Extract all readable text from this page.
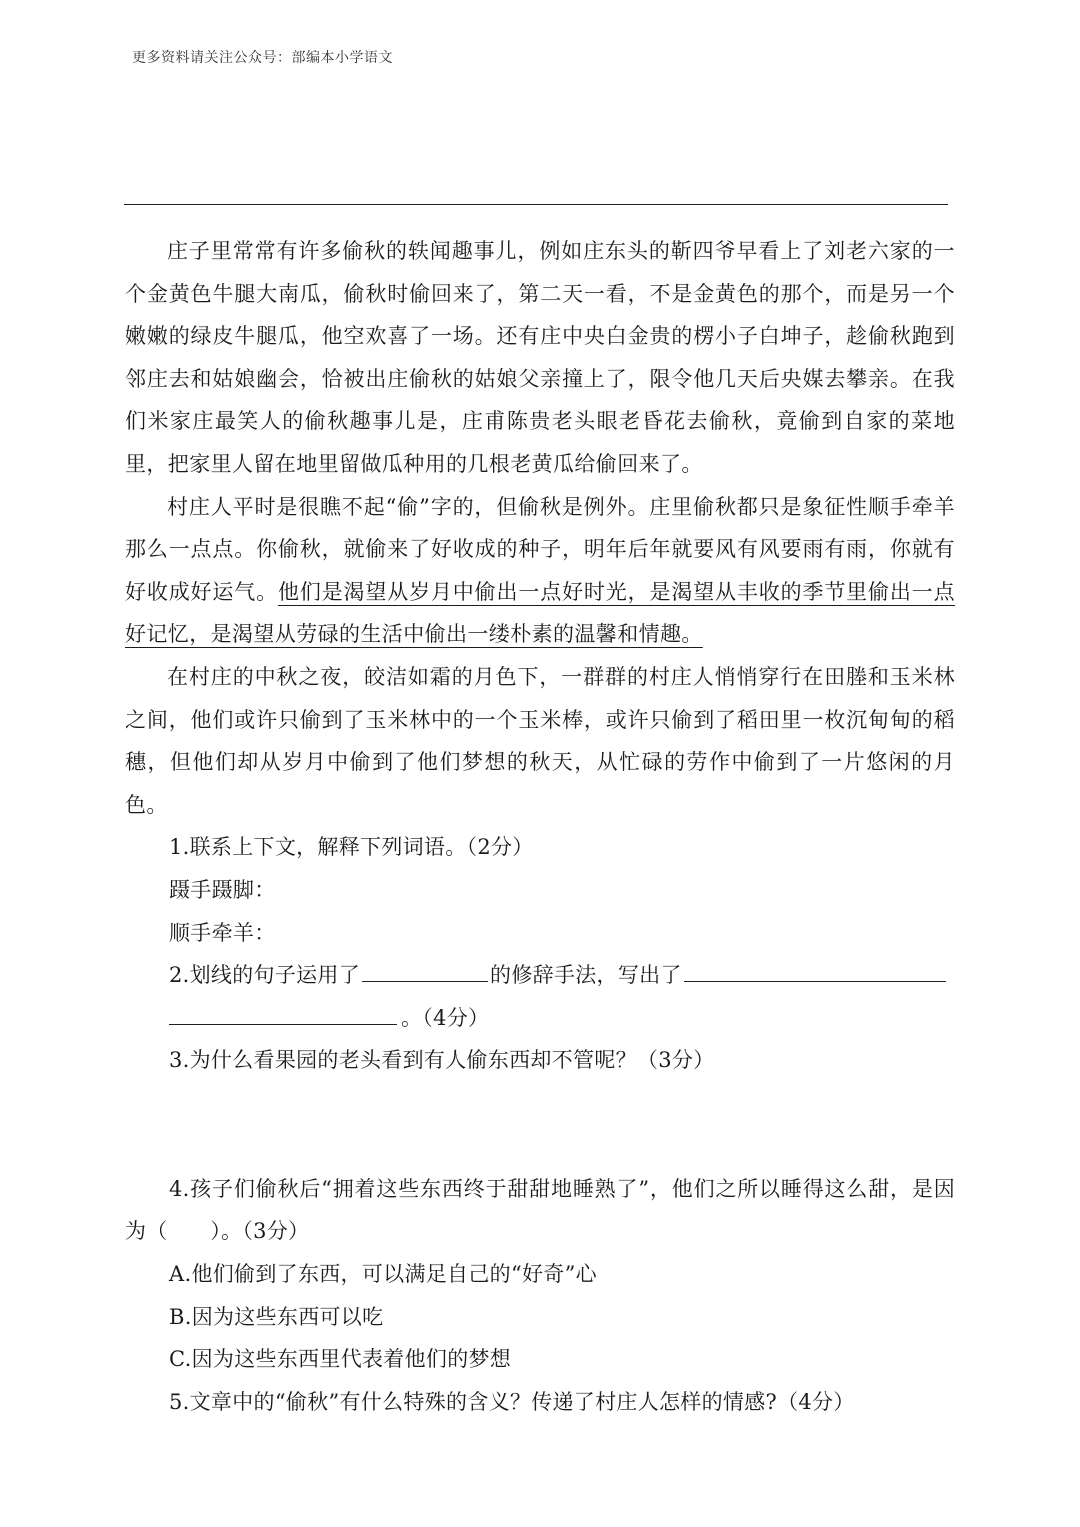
更多资料请关注公众号：部编本小学语文

庄子里常常有许多偷秋的轶闻趣事儿，例如庄东头的靳四爷早看上了刘老六家的一个金黄色牛腿大南瓜，偷秋时偷回来了，第二天一看，不是金黄色的那个，而是另一个嫩嫩的绿皮牛腿瓜，他空欢喜了一场。还有庄中央白金贵的楞小子白坤子，趁偷秋跑到邻庄去和姑娘幽会，恰被出庄偷秋的姑娘父亲撞上了，限令他几天后央媒去攀亲。在我们米家庄最笑人的偷秋趣事儿是，庄甫陈贵老头眼老昏花去偷秋，竟偷到自家的菜地里，把家里人留在地里留做瓜种用的几根老黄瓜给偷回来了。

村庄人平时是很瞧不起“偷”字的，但偷秋是例外。庄里偷秋都只是象征性顺手牵羊那么一点点。你偷秋，就偷来了好收成的种子，明年后年就要风有风要雨有雨，你就有好收成好运气。他们是渴望从岁月中偷出一点好时光，是渴望从丰收的季节里偷出一点好记忆，是渴望从劳碌的生活中偷出一缕朴素的温馨和情趣。

在村庄的中秋之夜，皎洁如霜的月色下，一群群的村庄人悄悄穿行在田塍和玉米林之间，他们或许只偷到了玉米林中的一个玉米棒，或许只偷到了稻田里一枚沉甸甸的稻穗，但他们却从岁月中偷到了他们梦想的秋天，从忙碌的劳作中偷到了一片悠闲的月色。

1.联系上下文，解释下列词语。（2分）

蹑手蹑脚：

顺手牵羊：

2.划线的句子运用了	的修辞手法，写出了

。（4分）

3.为什么看果园的老头看到有人偷东西却不管呢？（3分）

4.孩子们偷秋后“拥着这些东西终于甜甜地睡熟了”，他们之所以睡得这么甜，是因为（　　）。（3分）

A.他们偷到了东西，可以满足自己的“好奇”心

B.因为这些东西可以吃

C.因为这些东西里代表着他们的梦想

5.文章中的“偷秋”有什么特殊的含义？传递了村庄人怎样的情感?（4分）
